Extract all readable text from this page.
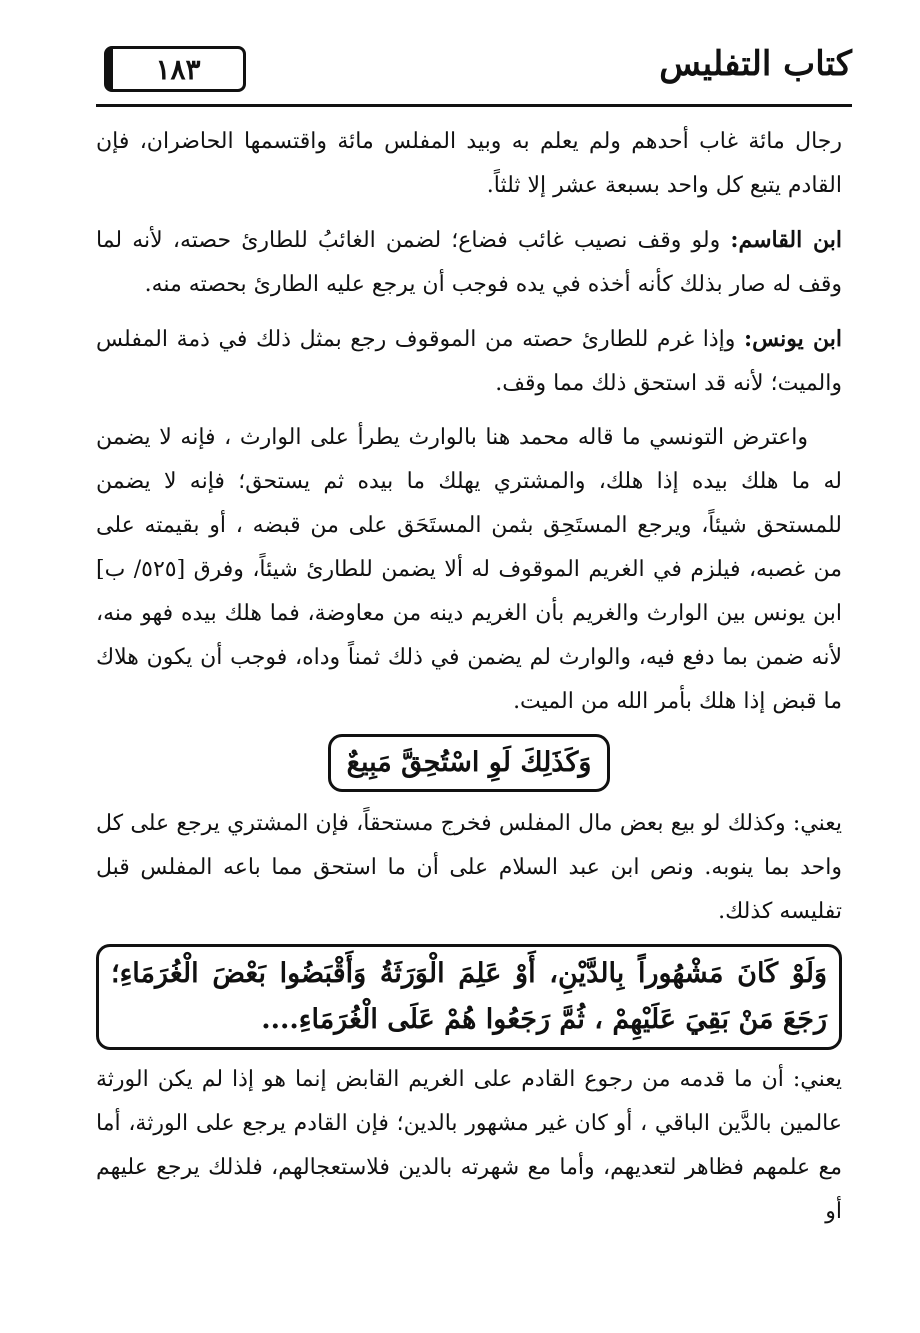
١٨٣	كتاب التفليس

رجال مائة غاب أحدهم ولم يعلم به وبيد المفلس مائة واقتسمها الحاضران، فإن القادم يتبع كل واحد بسبعة عشر إلا ثلثاً.

ابن القاسم: ولو وقف نصيب غائب فضاع؛ لضمن الغائبُ للطارئ حصته، لأنه لما وقف له صار بذلك كأنه أخذه في يده فوجب أن يرجع عليه الطارئ بحصته منه.

ابن يونس: وإذا غرم للطارئ حصته من الموقوف رجع بمثل ذلك في ذمة المفلس والميت؛ لأنه قد استحق ذلك مما وقف.

واعترض التونسي ما قاله محمد هنا بالوارث يطرأ على الوارث ، فإنه لا يضمن له ما هلك بيده إذا هلك، والمشتري يهلك ما بيده ثم يستحق؛ فإنه لا يضمن للمستحق شيئاً، ويرجع المستَحِق بثمن المستَحَق على من قبضه ، أو بقيمته على من غصبه، فيلزم في الغريم الموقوف له ألا يضمن للطارئ شيئاً، وفرق [٥٢٥/ ب] ابن يونس بين الوارث والغريم بأن الغريم دينه من معاوضة، فما هلك بيده فهو منه، لأنه ضمن بما دفع فيه، والوارث لم يضمن في ذلك ثمناً وداه، فوجب أن يكون هلاك ما قبض إذا هلك بأمر الله من الميت.

وَكَذَلِكَ لَوِ اسْتُحِقَّ مَبِيعٌ

يعني: وكذلك لو بيع بعض مال المفلس فخرج مستحقاً، فإن المشتري يرجع على كل واحد بما ينوبه. ونص ابن عبد السلام على أن ما استحق مما باعه المفلس قبل تفليسه كذلك.

وَلَوْ كَانَ مَشْهُوراً بِالدَّيْنِ، أَوْ عَلِمَ الْوَرَثَةُ وَأَقْبَضُوا بَعْضَ الْغُرَمَاءِ؛ رَجَعَ مَنْ بَقِيَ عَلَيْهِمْ ، ثُمَّ رَجَعُوا هُمْ عَلَى الْغُرَمَاءِ....

يعني: أن ما قدمه من رجوع القادم على الغريم القابض إنما هو إذا لم يكن الورثة عالمين بالدَّين الباقي ، أو كان غير مشهور بالدين؛ فإن القادم يرجع على الورثة، أما مع علمهم فظاهر لتعديهم، وأما مع شهرته بالدين فلاستعجالهم، فلذلك يرجع عليهم أو
